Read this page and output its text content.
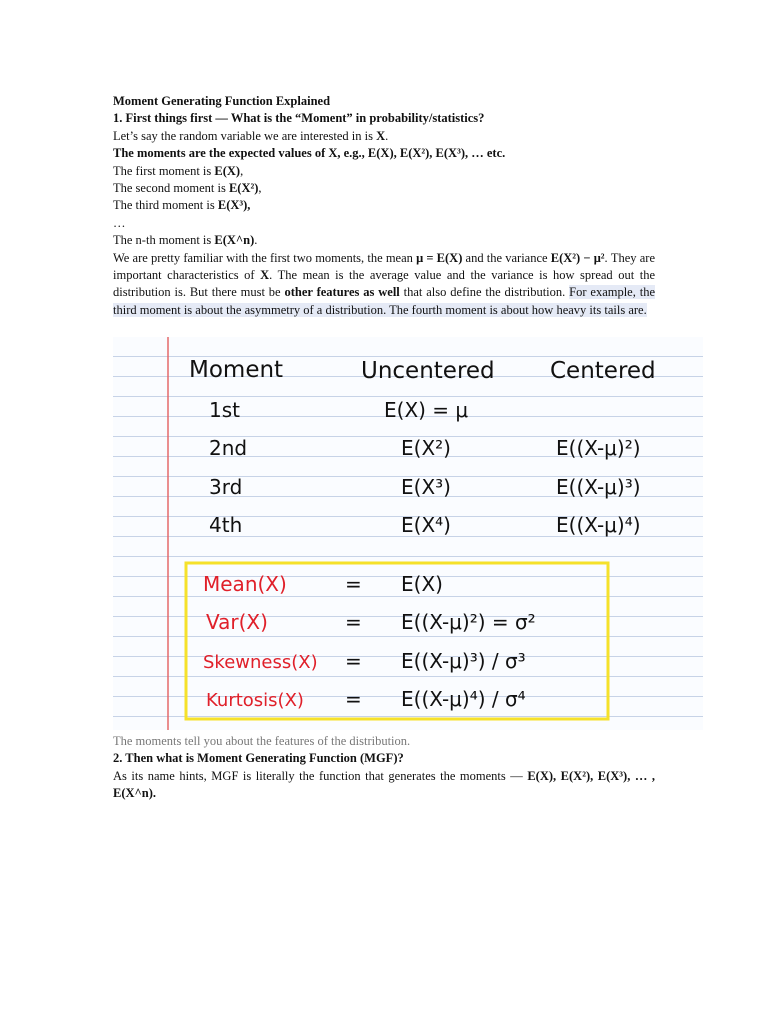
Moment Generating Function Explained

1. First things first — What is the “Moment” in probability/statistics?

Let’s say the random variable we are interested in is X.

The moments are the expected values of X, e.g., E(X), E(X²), E(X³), … etc.

The first moment is E(X),

The second moment is E(X²),

The third moment is E(X³),

…

The n-th moment is E(X^n).

We are pretty familiar with the first two moments, the mean μ = E(X) and the variance E(X²) − μ². They are important characteristics of X. The mean is the average value and the variance is how spread out the distribution is. But there must be other features as well that also define the distribution. For example, the third moment is about the asymmetry of a distribution. The fourth moment is about how heavy its tails are.

Moment	Uncentered Centered
1st	E(X) = μ
2nd	E(X²)	E((X-μ)²)
3rd	E(X³)	E((X-μ)³)
4th	E(X⁴)	E((X-μ)⁴)
Mean(X)	= E(X)
Var(X)	= E((X-μ)²) = σ²
Skewness(X) = E((X-μ)³) / σ³
Kurtosis(X) = E((X-μ)⁴) / σ⁴

The moments tell you about the features of the distribution.

2. Then what is Moment Generating Function (MGF)?

As its name hints, MGF is literally the function that generates the moments — E(X), E(X²), E(X³), … , E(X^n).
